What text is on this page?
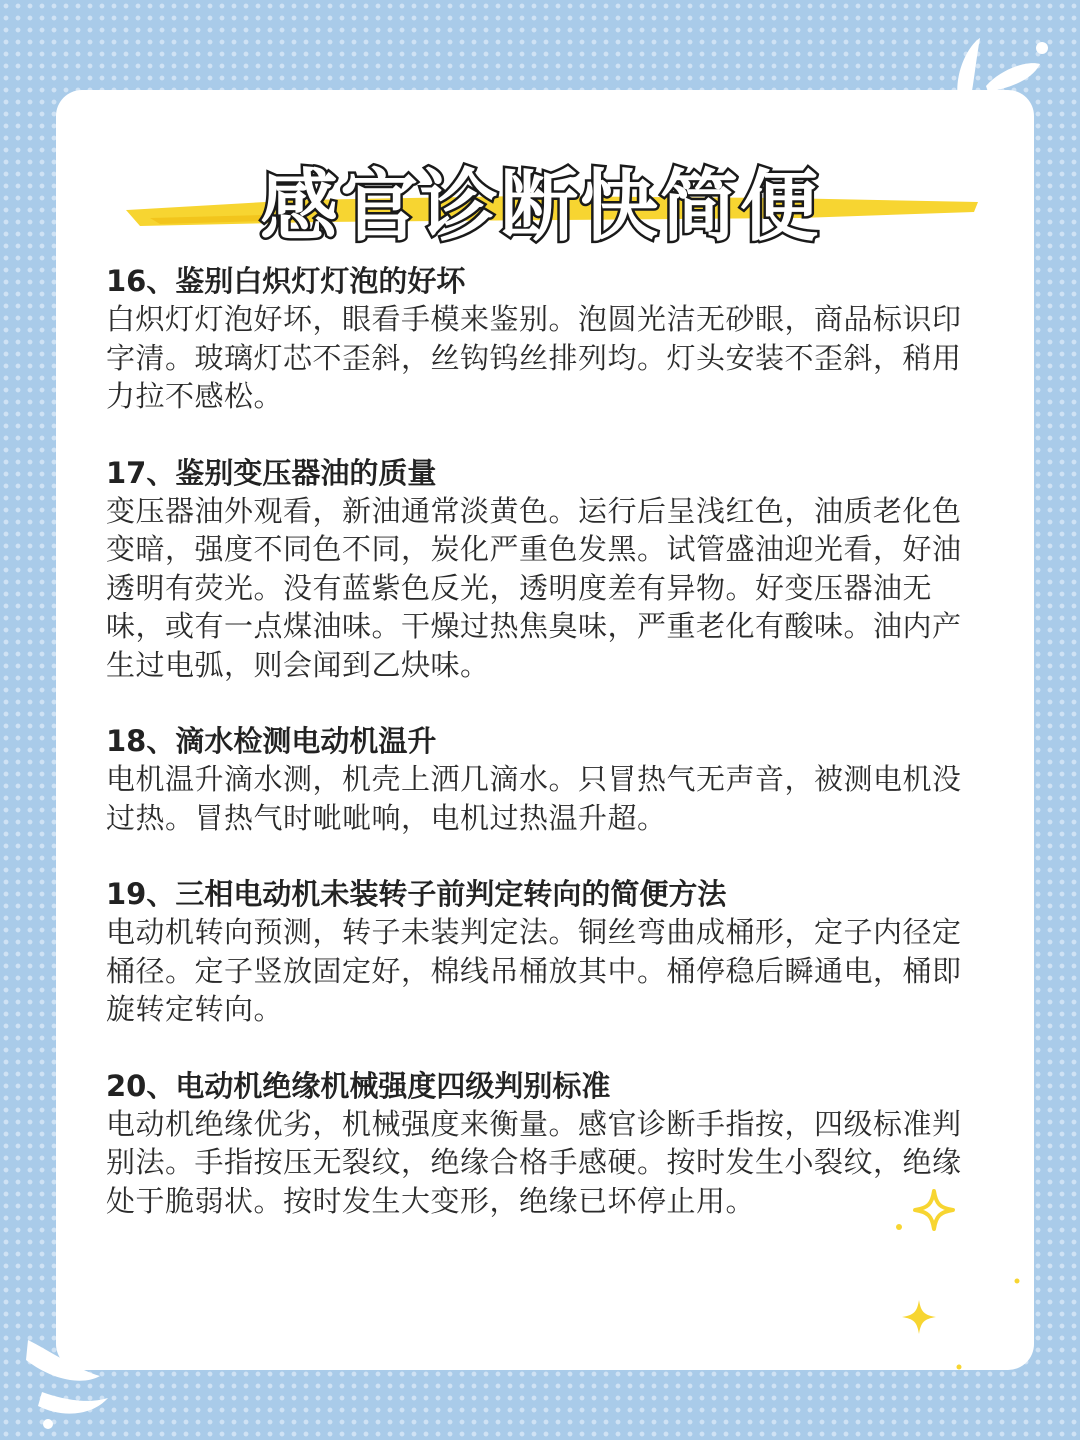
感官诊断快简便
16、鉴别白炽灯灯泡的好坏
白炽灯灯泡好坏，眼看手模来鉴别。泡圆光洁无砂眼，商品标识印字清。玻璃灯芯不歪斜，丝钩钨丝排列均。灯头安装不歪斜，稍用力拉不感松。
17、鉴别变压器油的质量
变压器油外观看，新油通常淡黄色。运行后呈浅红色，油质老化色变暗，强度不同色不同，炭化严重色发黑。试管盛油迎光看，好油透明有荧光。没有蓝紫色反光，透明度差有异物。好变压器油无味，或有一点煤油味。干燥过热焦臭味，严重老化有酸味。油内产生过电弧，则会闻到乙炔味。
18、滴水检测电动机温升
电机温升滴水测，机壳上洒几滴水。只冒热气无声音，被测电机没过热。冒热气时呲呲响，电机过热温升超。
19、三相电动机未装转子前判定转向的简便方法
电动机转向预测，转子未装判定法。铜丝弯曲成桶形，定子内径定桶径。定子竖放固定好，棉线吊桶放其中。桶停稳后瞬通电，桶即旋转定转向。
20、电动机绝缘机械强度四级判别标准
电动机绝缘优劣，机械强度来衡量。感官诊断手指按，四级标准判别法。手指按压无裂纹，绝缘合格手感硬。按时发生小裂纹，绝缘处于脆弱状。按时发生大变形，绝缘已坏停止用。
